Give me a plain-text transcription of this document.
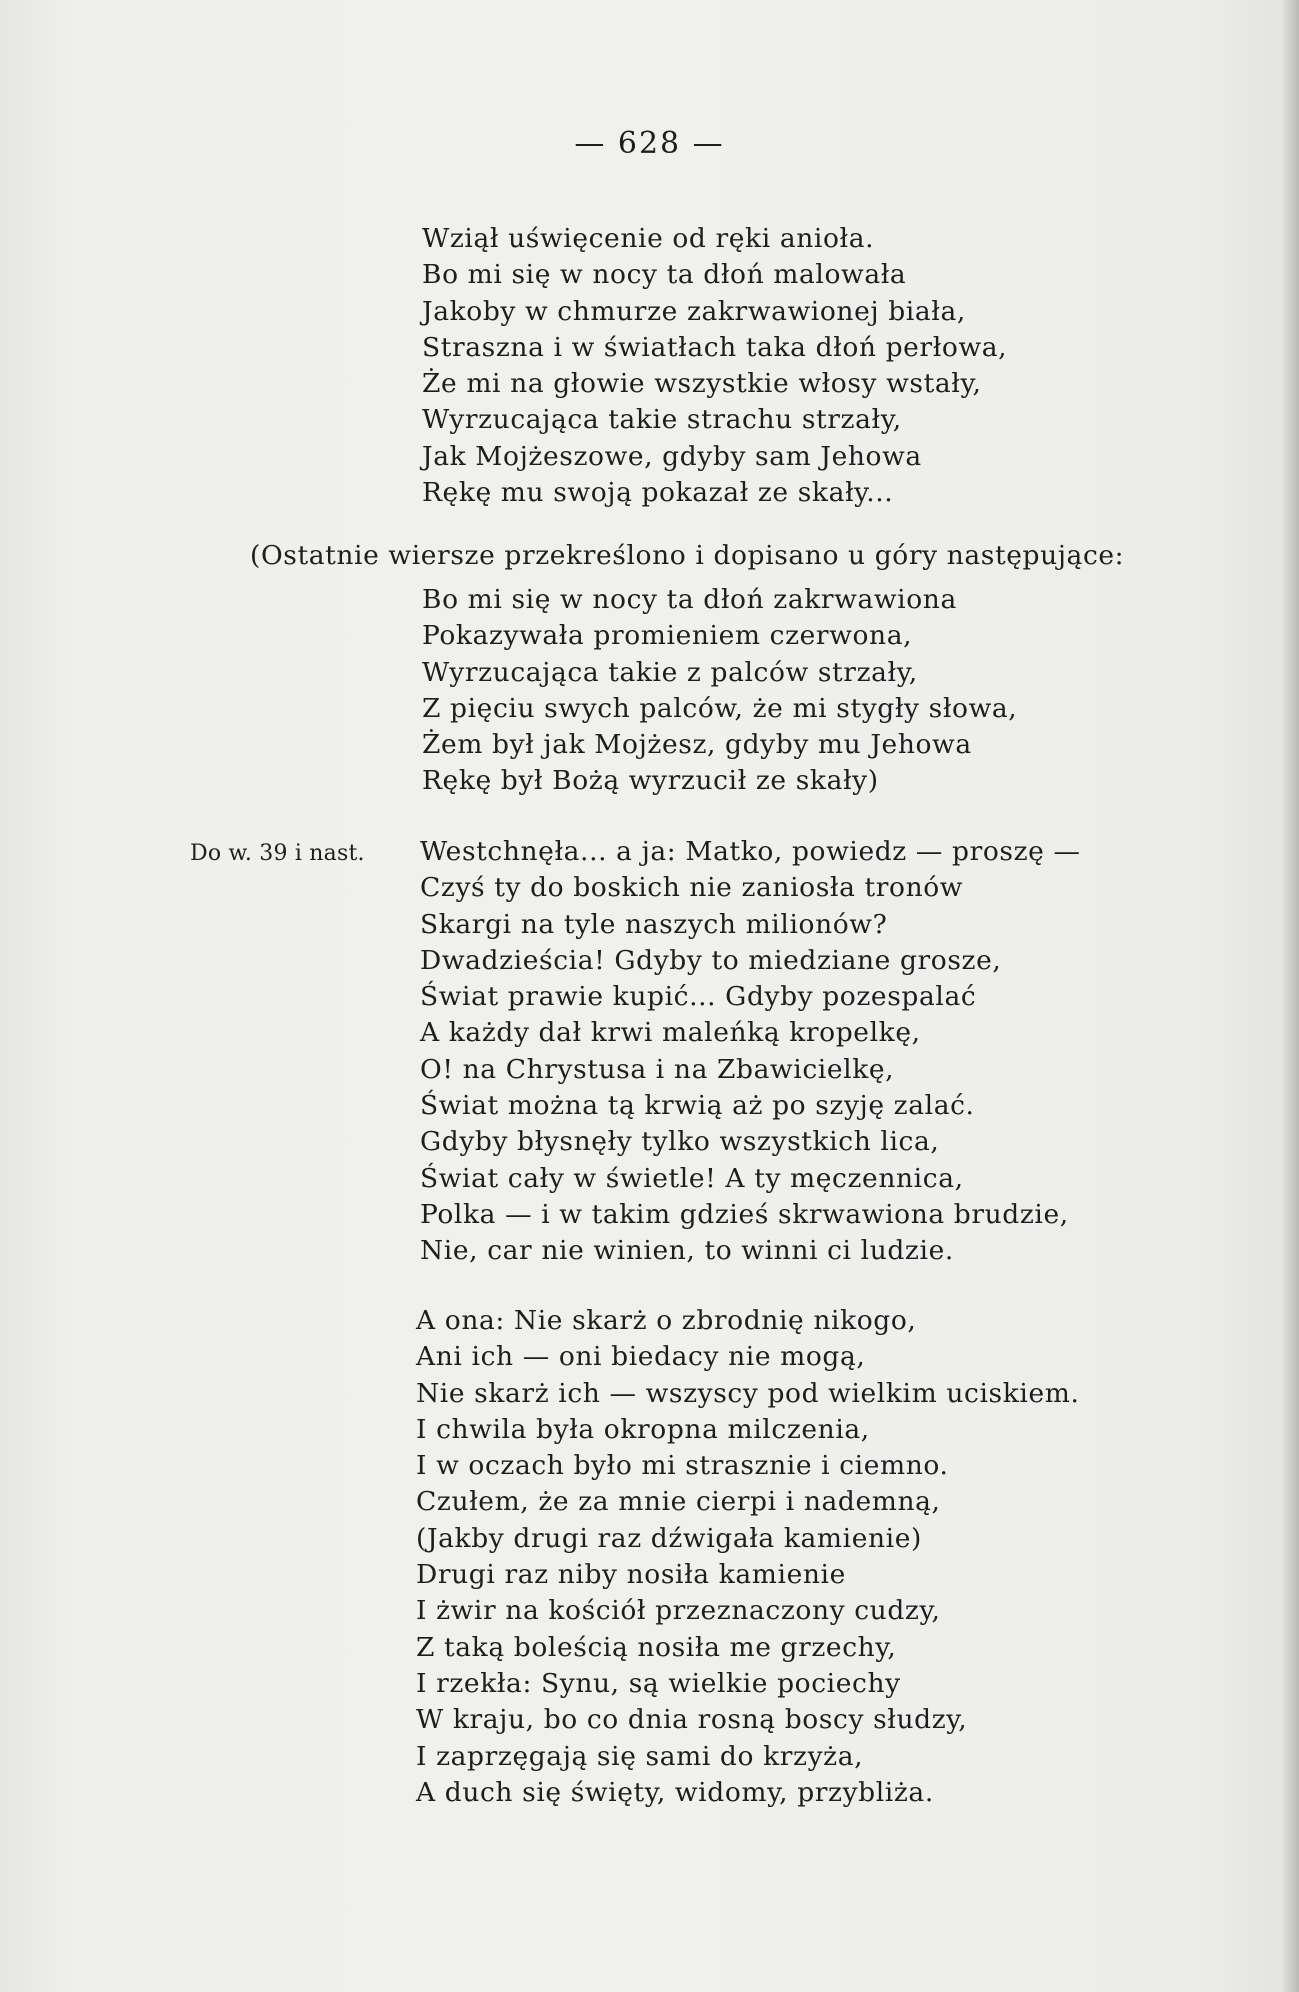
— 628 —
Wziął uświęcenie od ręki anioła.
Bo mi się w nocy ta dłoń malowała
Jakoby w chmurze zakrwawionej biała,
Straszna i w światłach taka dłoń perłowa,
Że mi na głowie wszystkie włosy wstały,
Wyrzucająca takie strachu strzały,
Jak Mojżeszowe, gdyby sam Jehowa
Rękę mu swoją pokazał ze skały...
(Ostatnie wiersze przekreślono i dopisano u góry następujące:
Bo mi się w nocy ta dłoń zakrwawiona
Pokazywała promieniem czerwona,
Wyrzucająca takie z palców strzały,
Z pięciu swych palców, że mi stygły słowa,
Żem był jak Mojżesz, gdyby mu Jehowa
Rękę był Bożą wyrzucił ze skały)
Do w. 39 i nast. Westchnęła... a ja: Matko, powiedz — proszę —
Czyś ty do boskich nie zaniosła tronów
Skargi na tyle naszych milionów?
Dwadzieścia! Gdyby to miedziane grosze,
Świat prawie kupić... Gdyby pozespalać
A każdy dał krwi maleńką kropelkę,
O! na Chrystusa i na Zbawicielkę,
Świat można tą krwią aż po szyję zalać.
Gdyby błysnęły tylko wszystkich lica,
Świat cały w świetle! A ty męczennica,
Polka — i w takim gdzieś skrwawiona brudzie,
Nie, car nie winien, to winni ci ludzie.
A ona: Nie skarż o zbrodnię nikogo,
Ani ich — oni biedacy nie mogą,
Nie skarż ich — wszyscy pod wielkim uciskiem.
I chwila była okropna milczenia,
I w oczach było mi strasznie i ciemno.
Czułem, że za mnie cierpi i nademną,
(Jakby drugi raz dźwigała kamienie)
Drugi raz niby nosiła kamienie
I żwir na kościół przeznaczony cudzy,
Z taką boleścią nosiła me grzechy,
I rzekła: Synu, są wielkie pociechy
W kraju, bo co dnia rosną boscy słudzy,
I zaprzęgają się sami do krzyża,
A duch się święty, widomy, przybliża.
